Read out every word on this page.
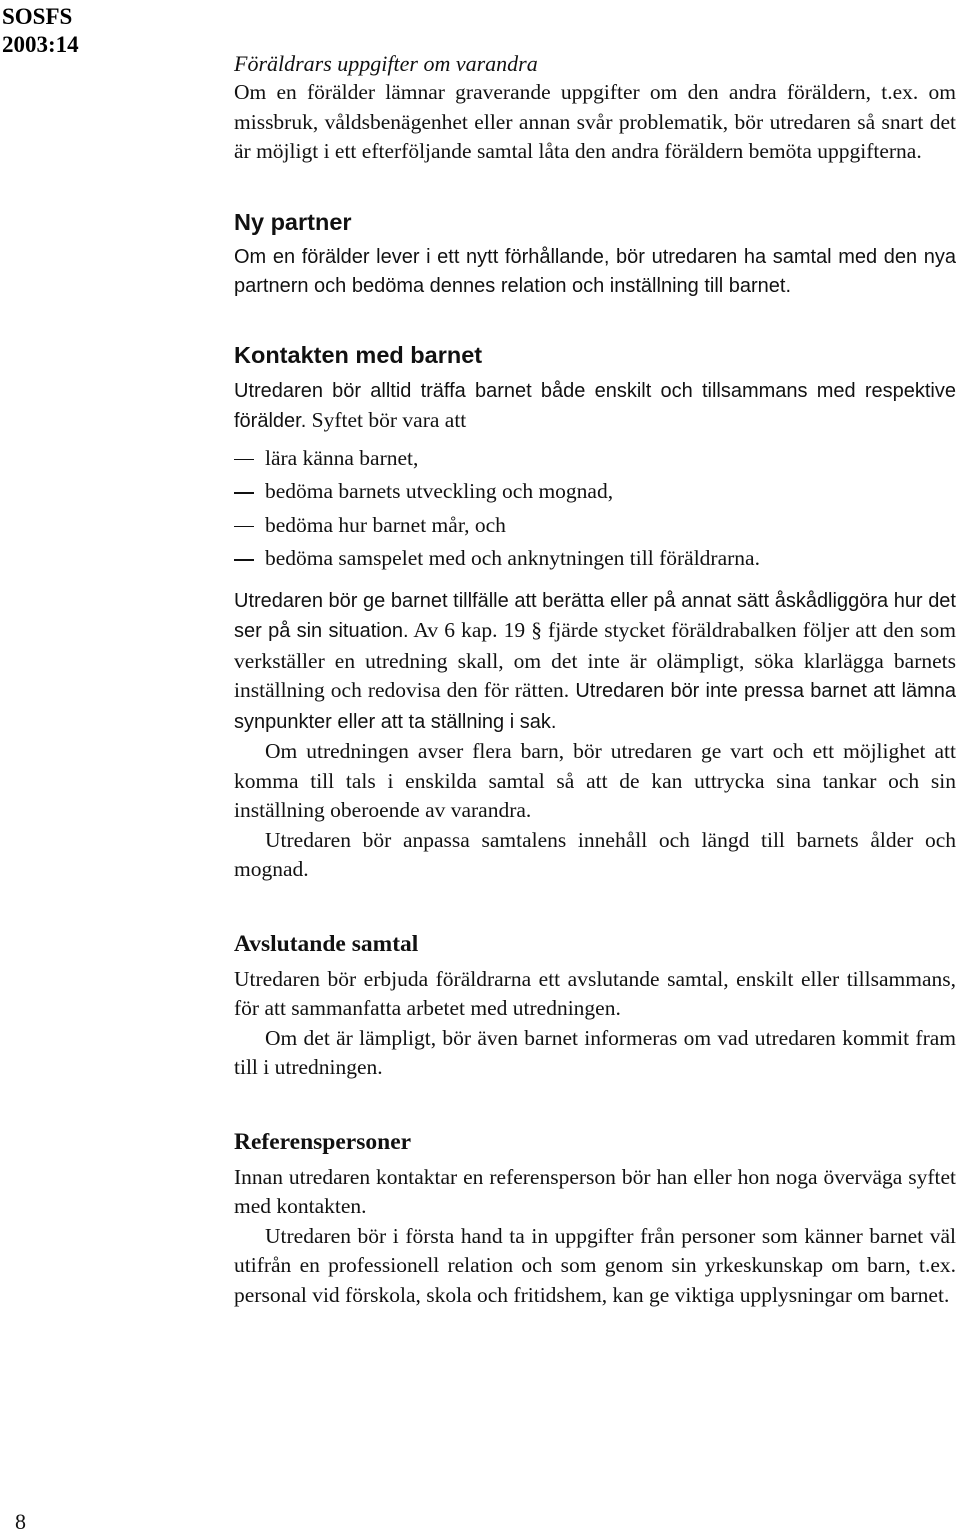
SOSFS
2003:14
Föräldrars uppgifter om varandra

Om en förälder lämnar graverande uppgifter om den andra föräldern, t.ex. om missbruk, våldsbenägenhet eller annan svår problematik, bör utredaren så snart det är möjligt i ett efterföljande samtal låta den andra föräldern bemöta uppgifterna.

Ny partner

Om en förälder lever i ett nytt förhållande, bör utredaren ha samtal med den nya partnern och bedöma dennes relation och inställning till barnet.

Kontakten med barnet

Utredaren bör alltid träffa barnet både enskilt och tillsammans med respektive förälder. Syftet bör vara att

lära känna barnet,
bedöma barnets utveckling och mognad,
bedöma hur barnet mår, och
bedöma samspelet med och anknytningen till föräldrarna.

Utredaren bör ge barnet tillfälle att berätta eller på annat sätt åskådliggöra hur det ser på sin situation. Av 6 kap. 19 § fjärde stycket föräldrabalken följer att den som verkställer en utredning skall, om det inte är olämpligt, söka klarlägga barnets inställning och redovisa den för rätten. Utredaren bör inte pressa barnet att lämna synpunkter eller att ta ställning i sak.

Om utredningen avser flera barn, bör utredaren ge vart och ett möjlighet att komma till tals i enskilda samtal så att de kan uttrycka sina tankar och sin inställning oberoende av varandra.

Utredaren bör anpassa samtalens innehåll och längd till barnets ålder och mognad.

Avslutande samtal

Utredaren bör erbjuda föräldrarna ett avslutande samtal, enskilt eller tillsammans, för att sammanfatta arbetet med utredningen.

Om det är lämpligt, bör även barnet informeras om vad utredaren kommit fram till i utredningen.

Referenspersoner

Innan utredaren kontaktar en referensperson bör han eller hon noga överväga syftet med kontakten.

Utredaren bör i första hand ta in uppgifter från personer som känner barnet väl utifrån en professionell relation och som genom sin yrkeskunskap om barn, t.ex. personal vid förskola, skola och fritidshem, kan ge viktiga upplysningar om barnet.

8
